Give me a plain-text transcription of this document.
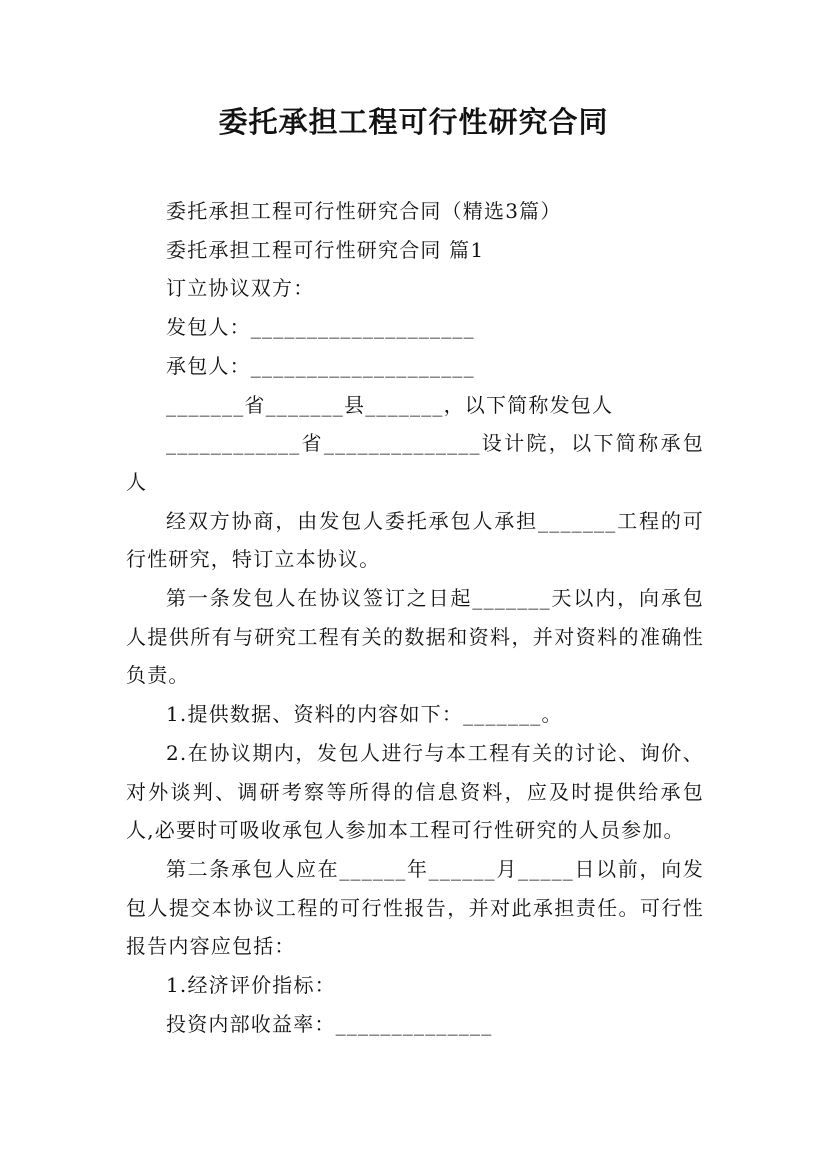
委托承担工程可行性研究合同

委托承担工程可行性研究合同（精选3篇）

委托承担工程可行性研究合同 篇1

订立协议双方：

发包人：____________________

承包人：____________________

_______省_______县_______，以下简称发包人

____________省______________设计院，以下简称承包人

经双方协商，由发包人委托承包人承担_______工程的可行性研究，特订立本协议。

第一条发包人在协议签订之日起_______天以内，向承包人提供所有与研究工程有关的数据和资料，并对资料的准确性负责。

1.提供数据、资料的内容如下：_______。

2.在协议期内，发包人进行与本工程有关的讨论、询价、对外谈判、调研考察等所得的信息资料，应及时提供给承包人,必要时可吸收承包人参加本工程可行性研究的人员参加。

第二条承包人应在______年______月_____日以前，向发包人提交本协议工程的可行性报告，并对此承担责任。可行性报告内容应包括：

1.经济评价指标：

投资内部收益率：______________
